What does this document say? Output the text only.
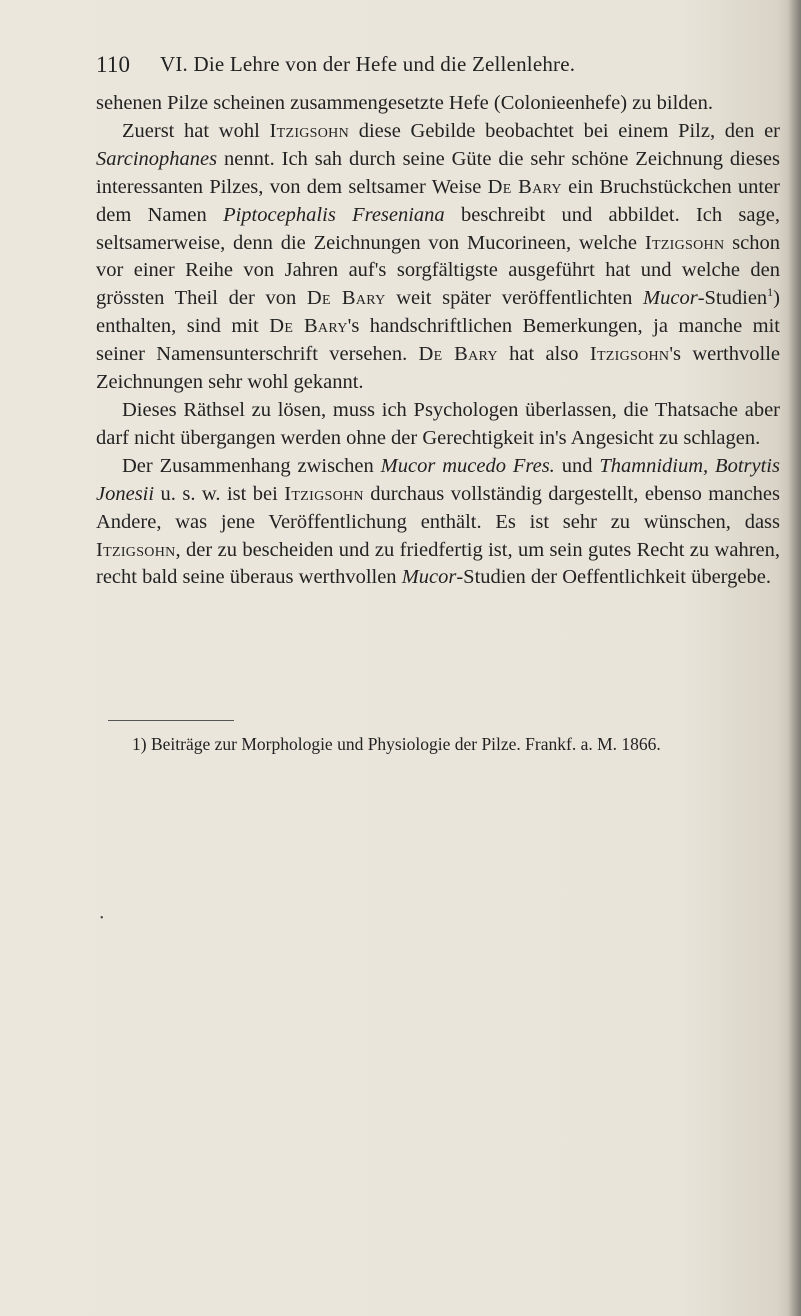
110 VI. Die Lehre von der Hefe und die Zellenlehre.

sehenen Pilze scheinen zusammengesetzte Hefe (Colonieenhefe) zu bilden.

Zuerst hat wohl Itzigsohn diese Gebilde beobachtet bei einem Pilz, den er Sarcinophanes nennt. Ich sah durch seine Güte die sehr schöne Zeichnung dieses interessanten Pilzes, von dem seltsamer Weise De Bary ein Bruchstückchen unter dem Namen Piptocephalis Freseniana beschreibt und abbildet. Ich sage, seltsamerweise, denn die Zeichnungen von Mucorineen, welche Itzigsohn schon vor einer Reihe von Jahren auf's sorgfältigste ausgeführt hat und welche den grössten Theil der von De Bary weit später veröffentlichten Mucor-Studien$^1$) enthalten, sind mit De Bary's handschriftlichen Bemerkungen, ja manche mit seiner Namensunterschrift versehen. De Bary hat also Itzigsohn's werthvolle Zeichnungen sehr wohl gekannt.

Dieses Räthsel zu lösen, muss ich Psychologen überlassen, die Thatsache aber darf nicht übergangen werden ohne der Gerechtigkeit in's Angesicht zu schlagen.

Der Zusammenhang zwischen Mucor mucedo Fres. und Thamnidium, Botrytis Jonesii u. s. w. ist bei Itzigsohn durchaus vollständig dargestellt, ebenso manches Andere, was jene Veröffentlichung enthält. Es ist sehr zu wünschen, dass Itzigsohn, der zu bescheiden und zu friedfertig ist, um sein gutes Recht zu wahren, recht bald seine überaus werthvollen Mucor-Studien der Oeffentlichkeit übergebe.

1) Beiträge zur Morphologie und Physiologie der Pilze. Frankf. a. M. 1866.
•
